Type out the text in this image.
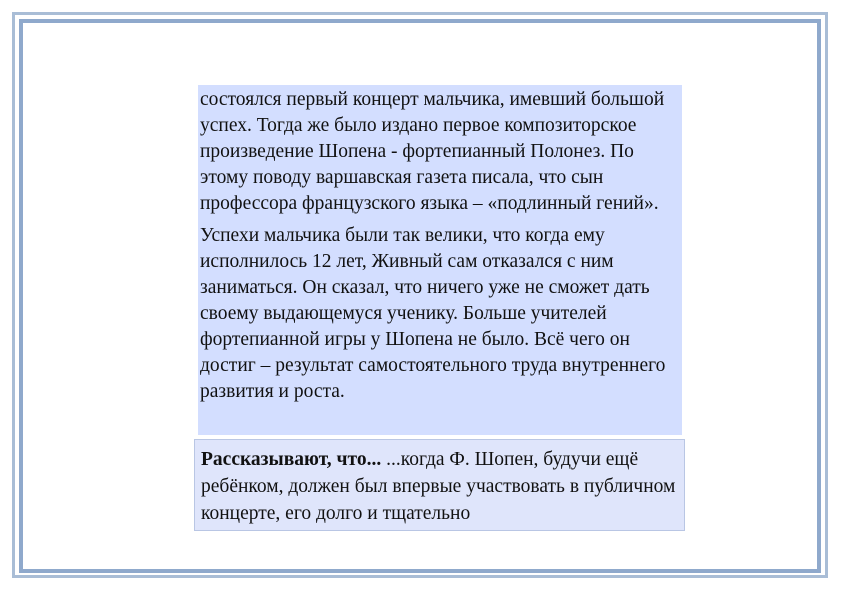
состоялся первый концерт мальчика, имевший большой успех. Тогда же было издано первое композиторское произведение Шопена - фортепианный Полонез. По этому поводу варшавская газета писала, что сын профессора французского языка – «подлинный гений».

Успехи мальчика были так велики, что когда ему исполнилось 12 лет, Живный сам отказался с ним заниматься. Он сказал, что ничего уже не сможет дать своему выдающемуся ученику. Больше учителей фортепианной игры у Шопена не было. Всё чего он достиг – результат самостоятельного труда внутреннего развития и роста.

Рассказывают, что... ...когда Ф. Шопен, будучи ещё ребёнком, должен был впервые участвовать в публичном концерте, его долго и тщательно
